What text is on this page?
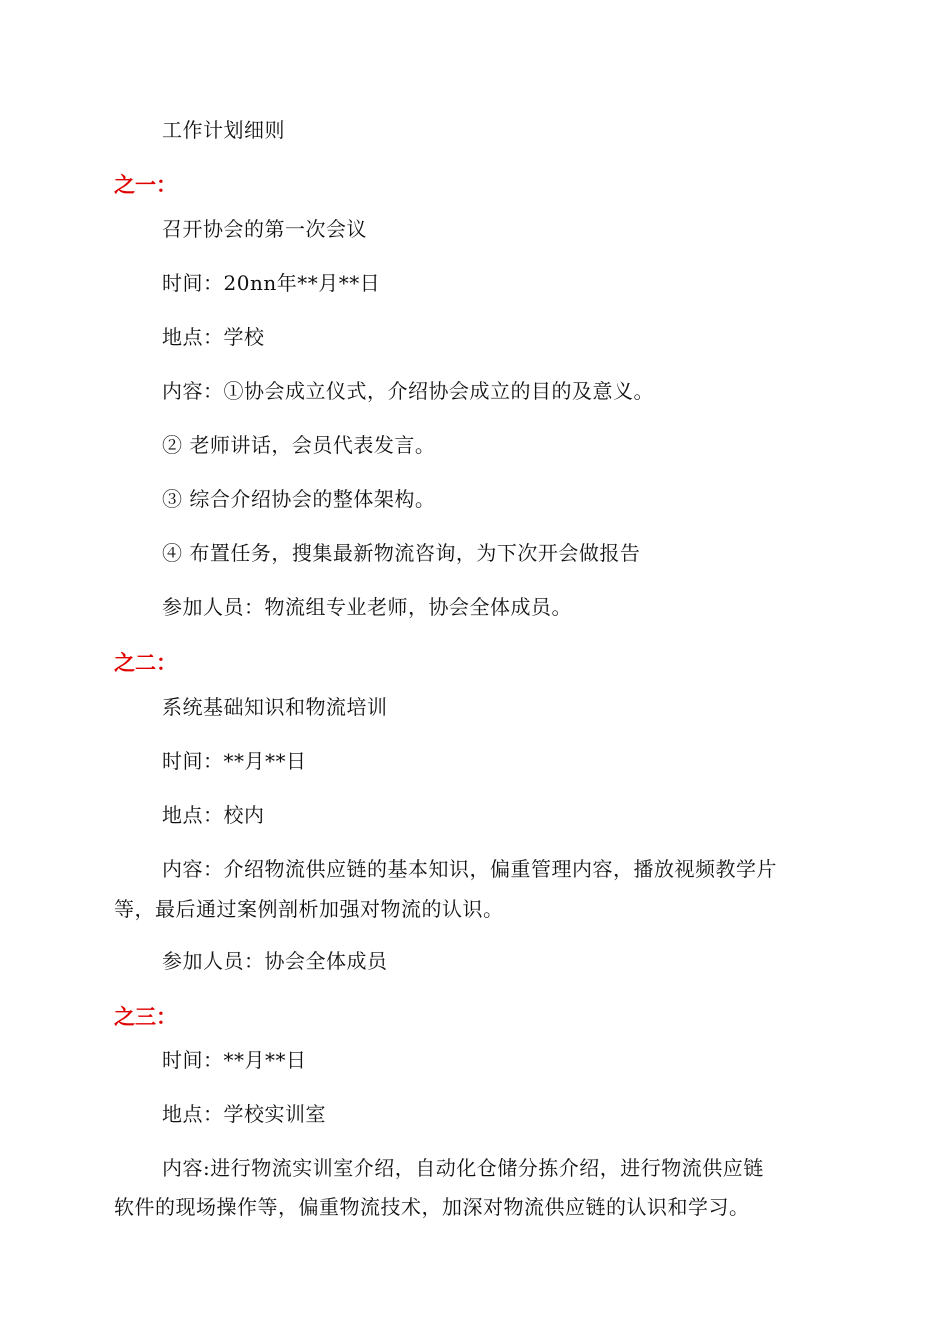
工作计划细则
之一：
召开协会的第一次会议
时间：20nn年**月**日
地点：学校
内容：①协会成立仪式，介绍协会成立的目的及意义。
② 老师讲话，会员代表发言。
③ 综合介绍协会的整体架构。
④ 布置任务，搜集最新物流咨询，为下次开会做报告
参加人员：物流组专业老师，协会全体成员。
之二：
系统基础知识和物流培训
时间：**月**日
地点：校内
内容：介绍物流供应链的基本知识，偏重管理内容，播放视频教学片
等，最后通过案例剖析加强对物流的认识。
参加人员：协会全体成员
之三：
时间：**月**日
地点：学校实训室
内容:进行物流实训室介绍，自动化仓储分拣介绍，进行物流供应链
软件的现场操作等，偏重物流技术，加深对物流供应链的认识和学习。
